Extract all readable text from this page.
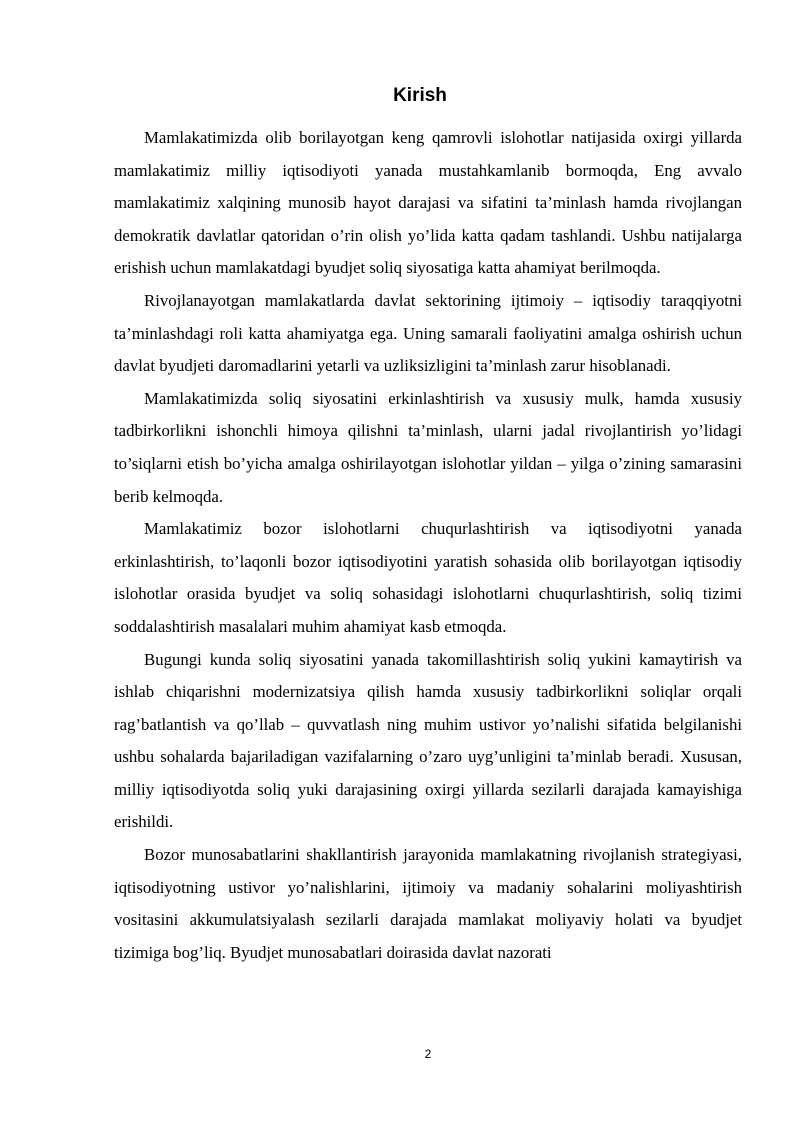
Kirish

Mamlakatimizda olib borilayotgan keng qamrovli islohotlar natijasida oxirgi yillarda mamlakatimiz milliy iqtisodiyoti yanada mustahkamlanib bormoqda, Eng avvalo mamlakatimiz xalqining munosib hayot darajasi va sifatini ta’minlash hamda rivojlangan demokratik davlatlar qatoridan o’rin olish yo’lida katta qadam tashlandi. Ushbu natijalarga erishish uchun mamlakatdagi byudjet soliq siyosatiga katta ahamiyat berilmoqda.

Rivojlanayotgan mamlakatlarda davlat sektorining ijtimoiy – iqtisodiy taraqqiyotni ta’minlashdagi roli katta ahamiyatga ega. Uning samarali faoliyatini amalga oshirish uchun davlat byudjeti daromadlarini yetarli va uzliksizligini ta’minlash zarur hisoblanadi.

Mamlakatimizda soliq siyosatini erkinlashtirish va xususiy mulk, hamda xususiy tadbirkorlikni ishonchli himoya qilishni ta’minlash, ularni jadal rivojlantirish yo’lidagi to’siqlarni etish bo’yicha amalga oshirilayotgan islohotlar yildan – yilga o’zining samarasini berib kelmoqda.

Mamlakatimiz bozor islohotlarni chuqurlashtirish va iqtisodiyotni yanada erkinlashtirish, to’laqonli bozor iqtisodiyotini yaratish sohasida olib borilayotgan iqtisodiy islohotlar orasida byudjet va soliq sohasidagi islohotlarni chuqurlashtirish, soliq tizimi soddalashtirish masalalari muhim ahamiyat kasb etmoqda.

Bugungi kunda soliq siyosatini yanada takomillashtirish soliq yukini kamaytirish va ishlab chiqarishni modernizatsiya qilish hamda xususiy tadbirkorlikni soliqlar orqali rag’batlantish va qo’llab – quvvatlash ning muhim ustivor yo’nalishi sifatida belgilanishi ushbu sohalarda bajariladigan vazifalarning o’zaro uyg’unligini ta’minlab beradi. Xususan, milliy iqtisodiyotda soliq yuki darajasining oxirgi yillarda sezilarli darajada kamayishiga erishildi.

Bozor munosabatlarini shakllantirish jarayonida mamlakatning rivojlanish strategiyasi, iqtisodiyotning ustivor yo’nalishlarini, ijtimoiy va madaniy sohalarini moliyashtirish vositasini akkumulatsiyalash sezilarli darajada mamlakat moliyaviy holati va byudjet tizimiga bog’liq. Byudjet munosabatlari doirasida davlat nazorati

2
